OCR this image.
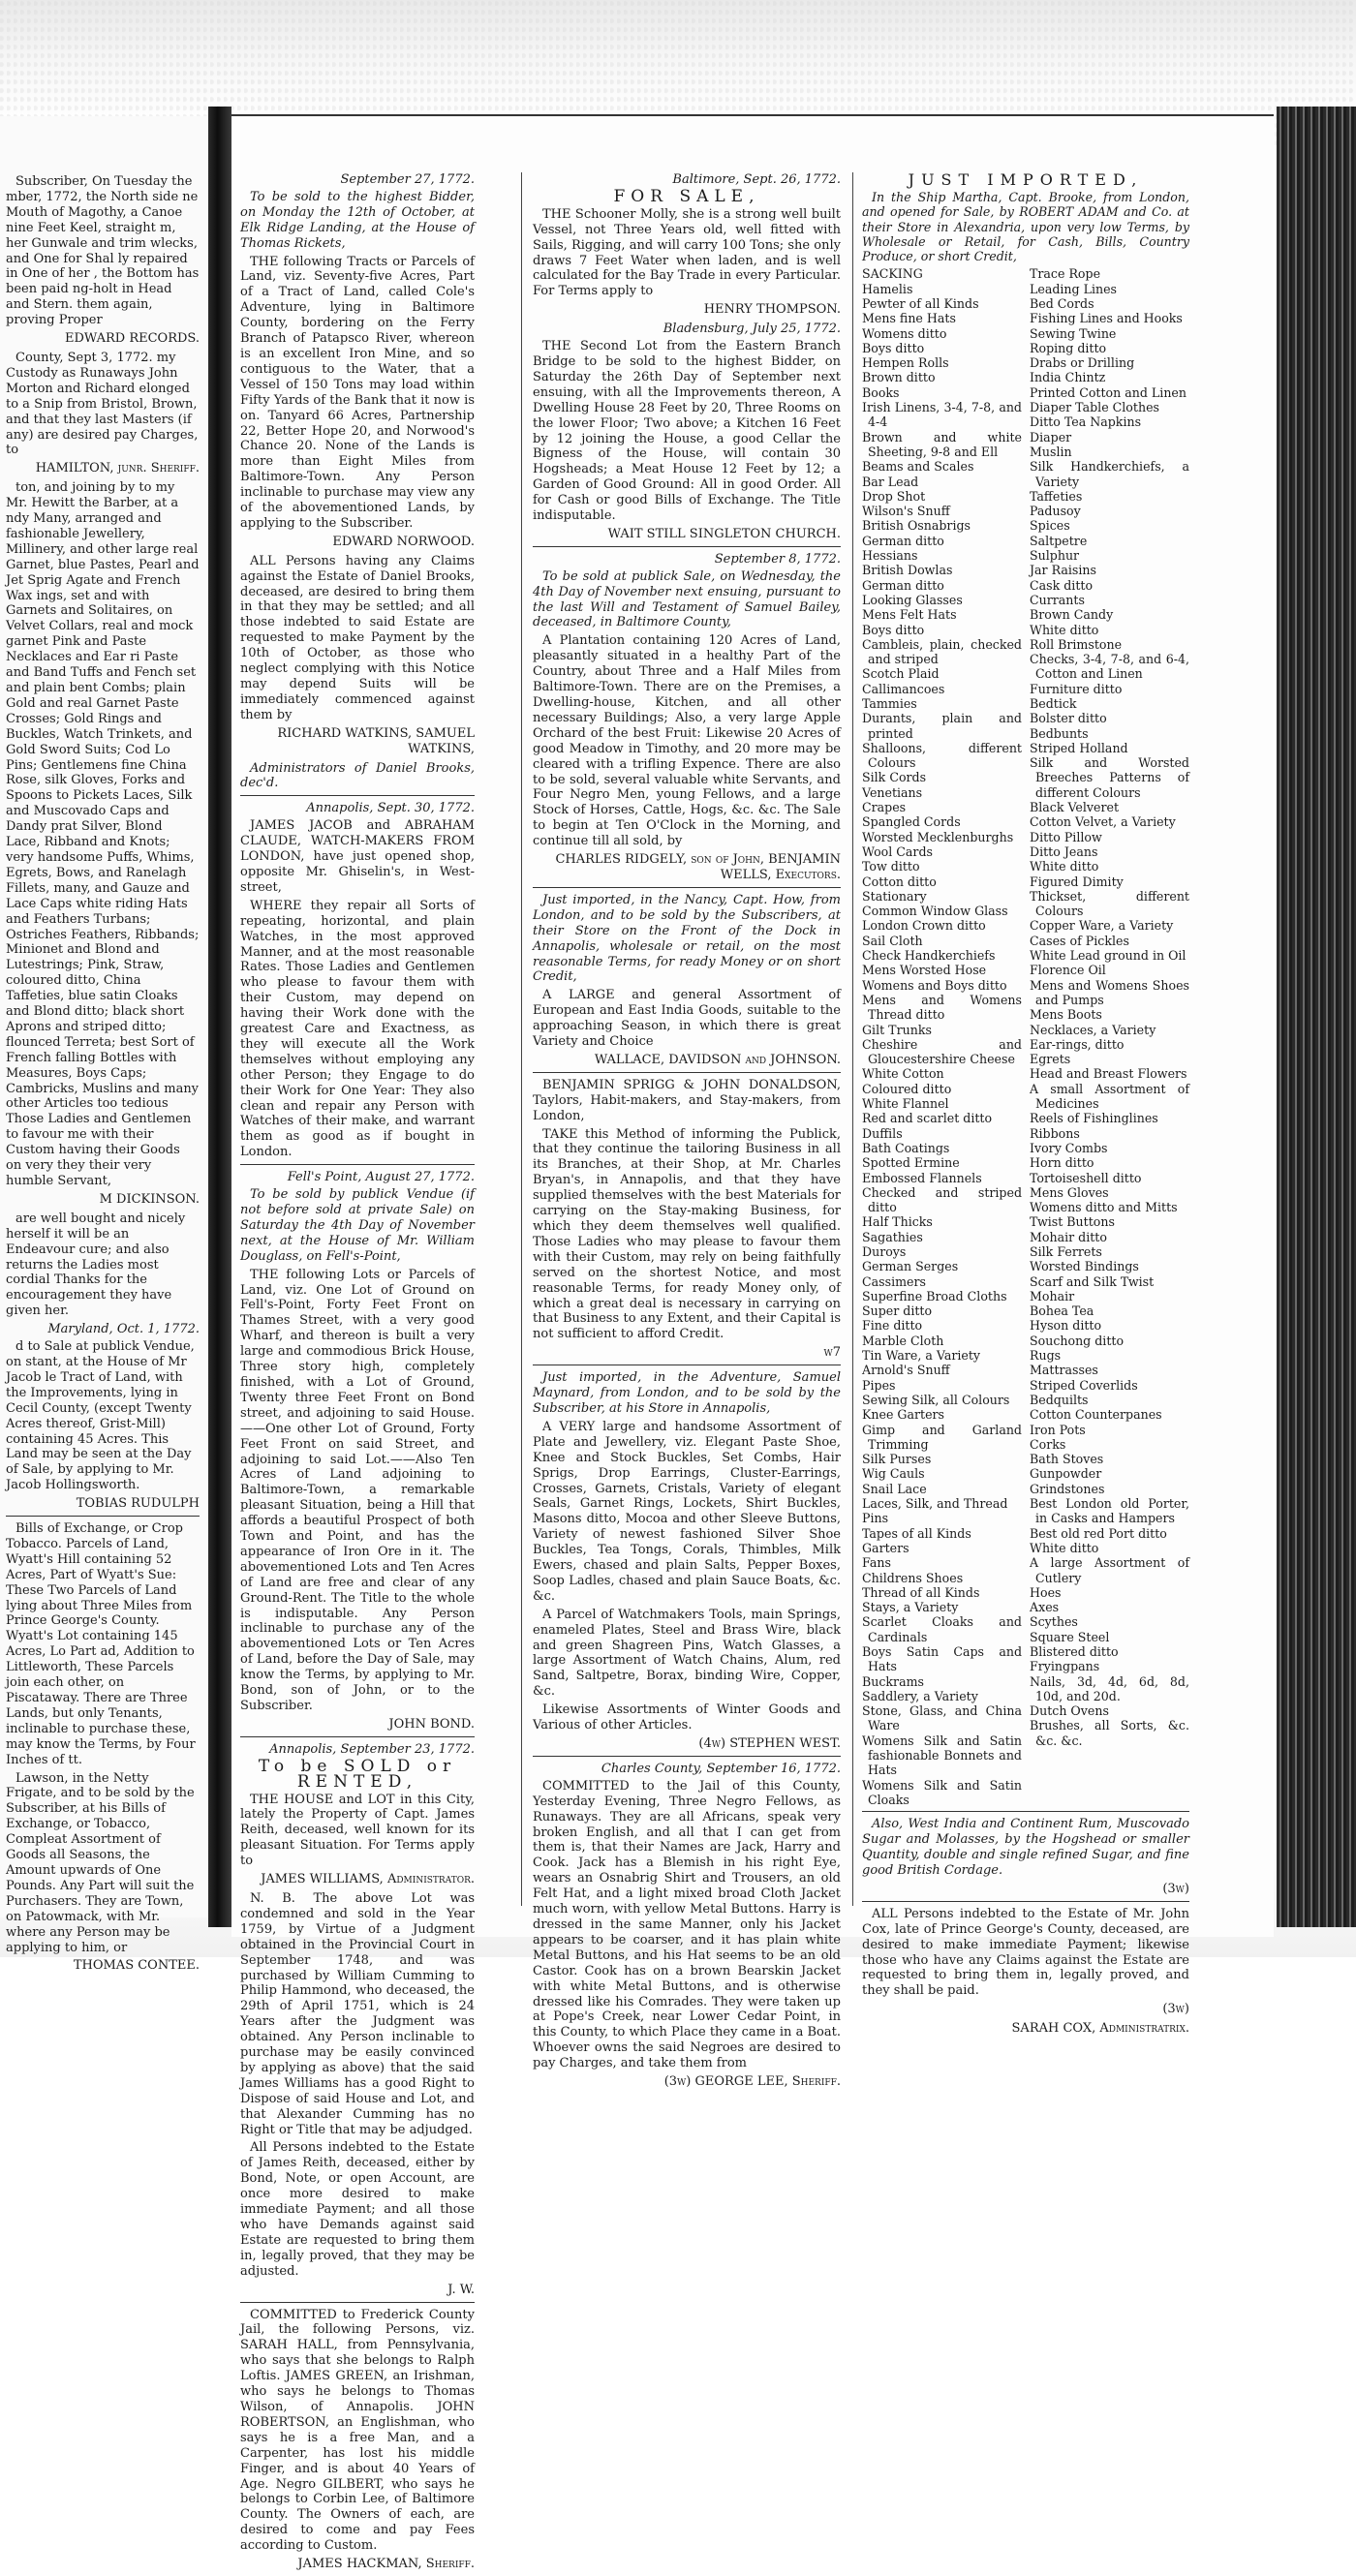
Subscriber, On Tuesday the mber, 1772, the North side ne Mouth of Magothy, a Canoe nine Feet Keel, straight m, her Gunwale and trim wlecks, and One for Shal ly repaired in One of her , the Bottom has been paid ng-holt in Head and Stern. them again, proving Proper

EDWARD RECORDS.

County, Sept 3, 1772. my Custody as Runaways John Morton and Richard elonged to a Snip from Bristol, Brown, and that they last Masters (if any) are desired pay Charges, to

HAMILTON, junr. Sheriff.

ton, and joining by to my Mr. Hewitt the Barber, at a ndy Many, arranged and fashionable Jewellery, Millinery, and other large real Garnet, blue Pastes, Pearl and Jet Sprig Agate and French Wax ings, set and with Garnets and Solitaires, on Velvet Collars, real and mock garnet Pink and Paste Necklaces and Ear ri Paste and Band Tuffs and Fench set and plain bent Combs; plain Gold and real Garnet Paste Crosses; Gold Rings and Buckles, Watch Trinkets, and Gold Sword Suits; Cod Lo Pins; Gentlemens fine China Rose, silk Gloves, Forks and Spoons to Pickets Laces, Silk and Muscovado Caps and Dandy prat Silver, Blond Lace, Ribband and Knots; very handsome Puffs, Whims, Egrets, Bows, and Ranelagh Fillets, many, and Gauze and Lace Caps white riding Hats and Feathers Turbans; Ostriches Feathers, Ribbands; Minionet and Blond and Lutestrings; Pink, Straw, coloured ditto, China Taffeties, blue satin Cloaks and Blond ditto; black short Aprons and striped ditto; flounced Terreta; best Sort of French falling Bottles with Measures, Boys Caps; Cambricks, Muslins and many other Articles too tedious Those Ladies and Gentlemen to favour me with their Custom having their Goods on very they their very humble Servant,

M DICKINSON.

are well bought and nicely herself it will be an Endeavour cure; and also returns the Ladies most cordial Thanks for the encouragement they have given her.

Maryland, Oct. 1, 1772.

d to Sale at publick Vendue, on stant, at the House of Mr Jacob le Tract of Land, with the Improvements, lying in Cecil County, (except Twenty Acres thereof, Grist-Mill) containing 45 Acres. This Land may be seen at the Day of Sale, by applying to Mr. Jacob Hollingsworth.

TOBIAS RUDULPH

Bills of Exchange, or Crop Tobacco. Parcels of Land, Wyatt's Hill containing 52 Acres, Part of Wyatt's Sue: These Two Parcels of Land lying about Three Miles from Prince George's County. Wyatt's Lot containing 145 Acres, Lo Part ad, Addition to Littleworth, These Parcels join each other, on Piscataway. There are Three Lands, but only Tenants, inclinable to purchase these, may know the Terms, by Four Inches of tt.

Lawson, in the Netty Frigate, and to be sold by the Subscriber, at his Bills of Exchange, or Tobacco, Compleat Assortment of Goods all Seasons, the Amount upwards of One Pounds. Any Part will suit the Purchasers. They are Town, on Patowmack, with Mr. where any Person may be applying to him, or

THOMAS CONTEE.
September 27, 1772.

To be sold to the highest Bidder, on Monday the 12th of October, at Elk Ridge Landing, at the House of Thomas Rickets,

THE following Tracts or Parcels of Land, viz. Seventy-five Acres, Part of a Tract of Land, called Cole's Adventure, lying in Baltimore County, bordering on the Ferry Branch of Patapsco River, whereon is an excellent Iron Mine, and so contiguous to the Water, that a Vessel of 150 Tons may load within Fifty Yards of the Bank that it now is on. Tanyard 66 Acres, Partnership 22, Better Hope 20, and Norwood's Chance 20. None of the Lands is more than Eight Miles from Baltimore-Town. Any Person inclinable to purchase may view any of the abovementioned Lands, by applying to the Subscriber.

EDWARD NORWOOD.

ALL Persons having any Claims against the Estate of Daniel Brooks, deceased, are desired to bring them in that they may be settled; and all those indebted to said Estate are requested to make Payment by the 10th of October, as those who neglect complying with this Notice may depend Suits will be immediately commenced against them by

RICHARD WATKINS, SAMUEL WATKINS,

Administrators of Daniel Brooks, dec'd.

Annapolis, Sept. 30, 1772.

JAMES JACOB and ABRAHAM CLAUDE, WATCH-MAKERS FROM LONDON, have just opened shop, opposite Mr. Ghiselin's, in West-street,

WHERE they repair all Sorts of repeating, horizontal, and plain Watches, in the most approved Manner, and at the most reasonable Rates. Those Ladies and Gentlemen who please to favour them with their Custom, may depend on having their Work done with the greatest Care and Exactness, as they will execute all the Work themselves without employing any other Person; they Engage to do their Work for One Year: They also clean and repair any Person with Watches of their make, and warrant them as good as if bought in London.

Fell's Point, August 27, 1772.

To be sold by publick Vendue (if not before sold at private Sale) on Saturday the 4th Day of November next, at the House of Mr. William Douglass, on Fell's-Point,

THE following Lots or Parcels of Land, viz. One Lot of Ground on Fell's-Point, Forty Feet Front on Thames Street, with a very good Wharf, and thereon is built a very large and commodious Brick House, Three story high, completely finished, with a Lot of Ground, Twenty three Feet Front on Bond street, and adjoining to said House.——One other Lot of Ground, Forty Feet Front on said Street, and adjoining to said Lot.——Also Ten Acres of Land adjoining to Baltimore-Town, a remarkable pleasant Situation, being a Hill that affords a beautiful Prospect of both Town and Point, and has the appearance of Iron Ore in it. The abovementioned Lots and Ten Acres of Land are free and clear of any Ground-Rent. The Title to the whole is indisputable. Any Person inclinable to purchase any of the abovementioned Lots or Ten Acres of Land, before the Day of Sale, may know the Terms, by applying to Mr. Bond, son of John, or to the Subscriber.

JOHN BOND.
Annapolis, September 23, 1772.
To be SOLD or RENTED,

THE HOUSE and LOT in this City, lately the Property of Capt. James Reith, deceased, well known for its pleasant Situation. For Terms apply to

JAMES WILLIAMS, Administrator.

N. B. The above Lot was condemned and sold in the Year 1759, by Virtue of a Judgment obtained in the Provincial Court in September 1748, and was purchased by William Cumming to Philip Hammond, who deceased, the 29th of April 1751, which is 24 Years after the Judgment was obtained. Any Person inclinable to purchase may be easily convinced by applying as above) that the said James Williams has a good Right to Dispose of said House and Lot, and that Alexander Cumming has no Right or Title that may be adjudged.

All Persons indebted to the Estate of James Reith, deceased, either by Bond, Note, or open Account, are once more desired to make immediate Payment; and all those who have Demands against said Estate are requested to bring them in, legally proved, that they may be adjusted.

J. W.

COMMITTED to Frederick County Jail, the following Persons, viz. SARAH HALL, from Pennsylvania, who says that she belongs to Ralph Loftis. JAMES GREEN, an Irishman, who says he belongs to Thomas Wilson, of Annapolis. JOHN ROBERTSON, an Englishman, who says he is a free Man, and a Carpenter, has lost his middle Finger, and is about 40 Years of Age. Negro GILBERT, who says he belongs to Corbin Lee, of Baltimore County. The Owners of each, are desired to come and pay Fees according to Custom.

JAMES HACKMAN, Sheriff.
Baltimore, Sept. 26, 1772.
FOR SALE,

THE Schooner Molly, she is a strong well built Vessel, not Three Years old, well fitted with Sails, Rigging, and will carry 100 Tons; she only draws 7 Feet Water when laden, and is well calculated for the Bay Trade in every Particular. For Terms apply to

HENRY THOMPSON.
Bladensburg, July 25, 1772.

THE Second Lot from the Eastern Branch Bridge to be sold to the highest Bidder, on Saturday the 26th Day of September next ensuing, with all the Improvements thereon, A Dwelling House 28 Feet by 20, Three Rooms on the lower Floor; Two above; a Kitchen 16 Feet by 12 joining the House, a good Cellar the Bigness of the House, will contain 30 Hogsheads; a Meat House 12 Feet by 12; a Garden of Good Ground: All in good Order. All for Cash or good Bills of Exchange. The Title indisputable.

WAIT STILL SINGLETON CHURCH.
September 8, 1772.

To be sold at publick Sale, on Wednesday, the 4th Day of November next ensuing, pursuant to the last Will and Testament of Samuel Bailey, deceased, in Baltimore County,

A Plantation containing 120 Acres of Land, pleasantly situated in a healthy Part of the Country, about Three and a Half Miles from Baltimore-Town. There are on the Premises, a Dwelling-house, Kitchen, and all other necessary Buildings; Also, a very large Apple Orchard of the best Fruit: Likewise 20 Acres of good Meadow in Timothy, and 20 more may be cleared with a trifling Expence. There are also to be sold, several valuable white Servants, and Four Negro Men, young Fellows, and a large Stock of Horses, Cattle, Hogs, &c. &c. The Sale to begin at Ten O'Clock in the Morning, and continue till all sold, by

CHARLES RIDGELY, son of John, BENJAMIN WELLS, Executors.

Just imported, in the Nancy, Capt. How, from London, and to be sold by the Subscribers, at their Store on the Front of the Dock in Annapolis, wholesale or retail, on the most reasonable Terms, for ready Money or on short Credit,

A LARGE and general Assortment of European and East India Goods, suitable to the approaching Season, in which there is great Variety and Choice

WALLACE, DAVIDSON and JOHNSON.

BENJAMIN SPRIGG & JOHN DONALDSON, Taylors, Habit-makers, and Stay-makers, from London,

TAKE this Method of informing the Publick, that they continue the tailoring Business in all its Branches, at their Shop, at Mr. Charles Bryan's, in Annapolis, and that they have supplied themselves with the best Materials for carrying on the Stay-making Business, for which they deem themselves well qualified. Those Ladies who may please to favour them with their Custom, may rely on being faithfully served on the shortest Notice, and most reasonable Terms, for ready Money only, of which a great deal is necessary in carrying on that Business to any Extent, and their Capital is not sufficient to afford Credit.

w7

Just imported, in the Adventure, Samuel Maynard, from London, and to be sold by the Subscriber, at his Store in Annapolis,

A VERY large and handsome Assortment of Plate and Jewellery, viz. Elegant Paste Shoe, Knee and Stock Buckles, Set Combs, Hair Sprigs, Drop Earrings, Cluster-Earrings, Crosses, Garnets, Cristals, Variety of elegant Seals, Garnet Rings, Lockets, Shirt Buckles, Masons ditto, Mocoa and other Sleeve Buttons, Variety of newest fashioned Silver Shoe Buckles, Tea Tongs, Corals, Thimbles, Milk Ewers, chased and plain Salts, Pepper Boxes, Soop Ladles, chased and plain Sauce Boats, &c. &c.

A Parcel of Watchmakers Tools, main Springs, enameled Plates, Steel and Brass Wire, black and green Shagreen Pins, Watch Glasses, a large Assortment of Watch Chains, Alum, red Sand, Saltpetre, Borax, binding Wire, Copper, &c.

Likewise Assortments of Winter Goods and Various of other Articles.

(4w) STEPHEN WEST.
Charles County, September 16, 1772.

COMMITTED to the Jail of this County, Yesterday Evening, Three Negro Fellows, as Runaways. They are all Africans, speak very broken English, and all that I can get from them is, that their Names are Jack, Harry and Cook. Jack has a Blemish in his right Eye, wears an Osnabrig Shirt and Trousers, an old Felt Hat, and a light mixed broad Cloth Jacket much worn, with yellow Metal Buttons. Harry is dressed in the same Manner, only his Jacket appears to be coarser, and it has plain white Metal Buttons, and his Hat seems to be an old Castor. Cook has on a brown Bearskin Jacket with white Metal Buttons, and is otherwise dressed like his Comrades. They were taken up at Pope's Creek, near Lower Cedar Point, in this County, to which Place they came in a Boat. Whoever owns the said Negroes are desired to pay Charges, and take them from

(3w) GEORGE LEE, Sheriff.
JUST IMPORTED,

In the Ship Martha, Capt. Brooke, from London, and opened for Sale, by ROBERT ADAM and Co. at their Store in Alexandria, upon very low Terms, by Wholesale or Retail, for Cash, Bills, Country Produce, or short Credit,

SACKING
Hamelis
Pewter of all Kinds
Mens fine Hats
Womens ditto
Boys ditto
Hempen Rolls
Brown ditto
Books
Irish Linens, 3-4, 7-8, and 4-4
Brown and white Sheeting, 9-8 and Ell
Beams and Scales
Bar Lead
Drop Shot
Wilson's Snuff
British Osnabrigs
German ditto
Hessians
British Dowlas
German ditto
Looking Glasses
Mens Felt Hats
Boys ditto
Cambleis, plain, checked and striped
Scotch Plaid
Callimancoes
Tammies
Durants, plain and printed
Shalloons, different Colours
Silk Cords
Venetians
Crapes
Spangled Cords
Worsted Mecklenburghs
Wool Cards
Tow ditto
Cotton ditto
Stationary
Common Window Glass
London Crown ditto
Sail Cloth
Check Handkerchiefs
Mens Worsted Hose
Womens and Boys ditto
Mens and Womens Thread ditto
Gilt Trunks
Cheshire and Gloucestershire Cheese
White Cotton
Coloured ditto
White Flannel
Red and scarlet ditto
Duffils
Bath Coatings
Spotted Ermine
Embossed Flannels
Checked and striped ditto
Half Thicks
Sagathies
Duroys
German Serges
Cassimers
Superfine Broad Cloths
Super ditto
Fine ditto
Marble Cloth
Tin Ware, a Variety
Arnold's Snuff
Pipes
Sewing Silk, all Colours
Knee Garters
Gimp and Garland Trimming
Silk Purses
Wig Cauls
Snail Lace
Laces, Silk, and Thread
Pins
Tapes of all Kinds
Garters
Fans
Childrens Shoes
Thread of all Kinds
Stays, a Variety
Scarlet Cloaks and Cardinals
Boys Satin Caps and Hats
Buckrams
Saddlery, a Variety
Stone, Glass, and China Ware
Womens Silk and Satin fashionable Bonnets and Hats
Womens Silk and Satin Cloaks
Trace Rope
Leading Lines
Bed Cords
Fishing Lines and Hooks
Sewing Twine
Roping ditto
Drabs or Drilling
India Chintz
Printed Cotton and Linen
Diaper Table Clothes
Ditto Tea Napkins
Diaper
Muslin
Silk Handkerchiefs, a Variety
Taffeties
Padusoy
Spices
Saltpetre
Sulphur
Jar Raisins
Cask ditto
Currants
Brown Candy
White ditto
Roll Brimstone
Checks, 3-4, 7-8, and 6-4, Cotton and Linen
Furniture ditto
Bedtick
Bolster ditto
Bedbunts
Striped Holland
Silk and Worsted Breeches Patterns of different Colours
Black Velveret
Cotton Velvet, a Variety
Ditto Pillow
Ditto Jeans
White ditto
Figured Dimity
Thickset, different Colours
Copper Ware, a Variety
Cases of Pickles
White Lead ground in Oil
Florence Oil
Mens and Womens Shoes and Pumps
Mens Boots
Necklaces, a Variety
Ear-rings, ditto
Egrets
Head and Breast Flowers
A small Assortment of Medicines
Reels of Fishinglines
Ribbons
Ivory Combs
Horn ditto
Tortoiseshell ditto
Mens Gloves
Womens ditto and Mitts
Twist Buttons
Mohair ditto
Silk Ferrets
Worsted Bindings
Scarf and Silk Twist
Mohair
Bohea Tea
Hyson ditto
Souchong ditto
Rugs
Mattrasses
Striped Coverlids
Bedquilts
Cotton Counterpanes
Iron Pots
Corks
Bath Stoves
Gunpowder
Grindstones
Best London old Porter, in Casks and Hampers
Best old red Port ditto
White ditto
A large Assortment of Cutlery
Hoes
Axes
Scythes
Square Steel
Blistered ditto
Fryingpans
Nails, 3d, 4d, 6d, 8d, 10d, and 20d.
Dutch Ovens
Brushes, all Sorts, &c. &c. &c.

Also, West India and Continent Rum, Muscovado Sugar and Molasses, by the Hogshead or smaller Quantity, double and single refined Sugar, and fine good British Cordage.

(3w)

ALL Persons indebted to the Estate of Mr. John Cox, late of Prince George's County, deceased, are desired to make immediate Payment; likewise those who have any Claims against the Estate are requested to bring them in, legally proved, and they shall be paid.

(3w)
SARAH COX, Administratrix.
